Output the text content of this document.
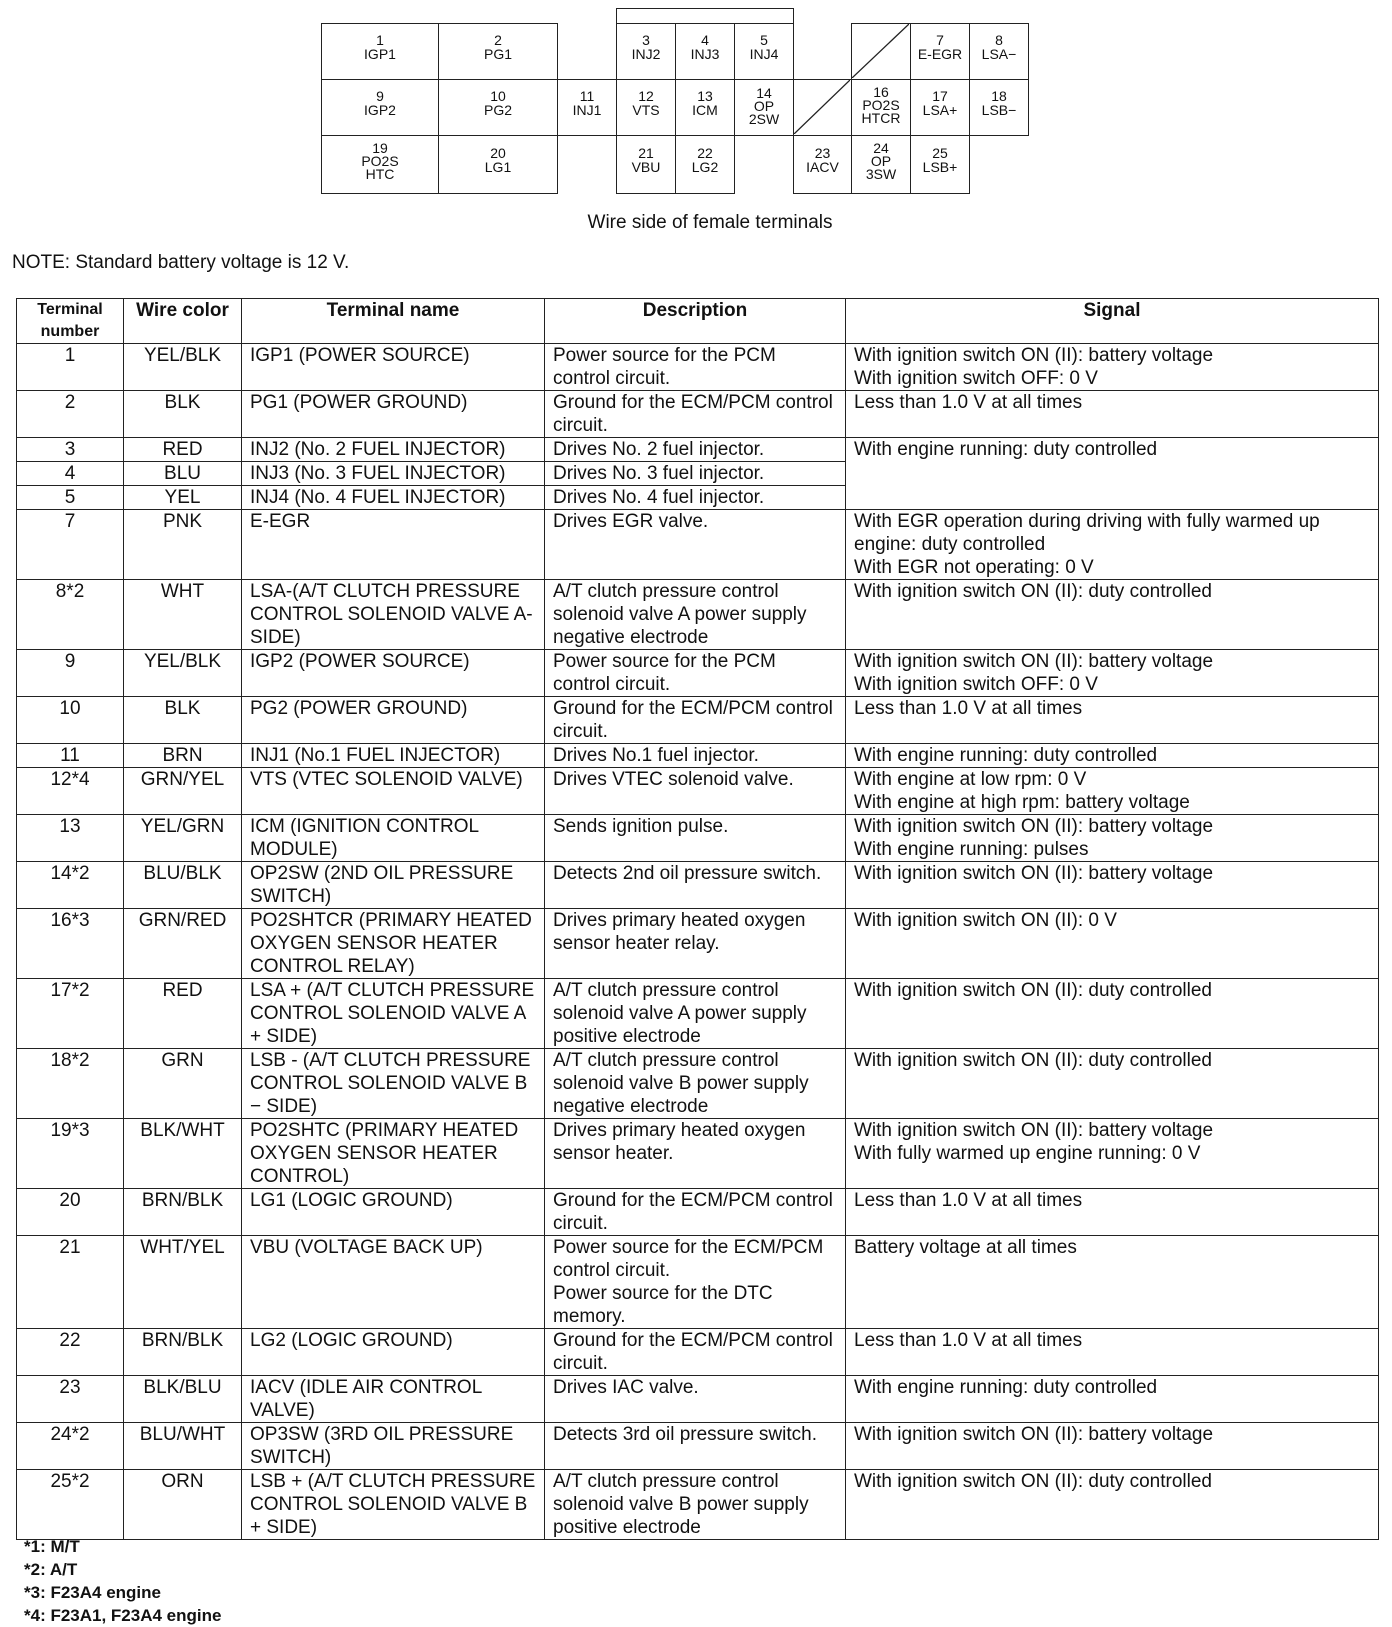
1
IGP1
2
PG1
3
INJ2
4
INJ3
5
INJ4
7
E-EGR
8
LSA−
9
IGP2
10
PG2
11
INJ1
12
VTS
13
ICM
14
OP
2SW
16
PO2S
HTCR
17
LSA+
18
LSB−
19
PO2S
HTC
20
LG1
21
VBU
22
LG2
23
IACV
24
OP
3SW
25
LSB+
Wire side of female terminals
NOTE: Standard battery voltage is 12 V.
Terminal number	Wire color	Terminal name	Description	Signal
1	YEL/BLK	IGP1 (POWER SOURCE)	Power source for the PCM control circuit.	With ignition switch ON (II): battery voltage
With ignition switch OFF: 0 V
2	BLK	PG1 (POWER GROUND)	Ground for the ECM/PCM control circuit.	Less than 1.0 V at all times
3	RED	INJ2 (No. 2 FUEL INJECTOR)	Drives No. 2 fuel injector.	With engine running: duty controlled
4	BLU	INJ3 (No. 3 FUEL INJECTOR)	Drives No. 3 fuel injector.	
5	YEL	INJ4 (No. 4 FUEL INJECTOR)	Drives No. 4 fuel injector.	
7	PNK	E-EGR	Drives EGR valve.	With EGR operation during driving with fully warmed up engine: duty controlled
With EGR not operating: 0 V
8*2	WHT	LSA-(A/T CLUTCH PRESSURE CONTROL SOLENOID VALVE A-SIDE)	A/T clutch pressure control solenoid valve A power supply negative electrode	With ignition switch ON (II): duty controlled
9	YEL/BLK	IGP2 (POWER SOURCE)	Power source for the PCM control circuit.	With ignition switch ON (II): battery voltage
With ignition switch OFF: 0 V
10	BLK	PG2 (POWER GROUND)	Ground for the ECM/PCM control circuit.	Less than 1.0 V at all times
11	BRN	INJ1 (No.1 FUEL INJECTOR)	Drives No.1 fuel injector.	With engine running: duty controlled
12*4	GRN/YEL	VTS (VTEC SOLENOID VALVE)	Drives VTEC solenoid valve.	With engine at low rpm: 0 V
With engine at high rpm: battery voltage
13	YEL/GRN	ICM (IGNITION CONTROL MODULE)	Sends ignition pulse.	With ignition switch ON (II): battery voltage
With engine running: pulses
14*2	BLU/BLK	OP2SW (2ND OIL PRESSURE SWITCH)	Detects 2nd oil pressure switch.	With ignition switch ON (II): battery voltage
16*3	GRN/RED	PO2SHTCR (PRIMARY HEATED OXYGEN SENSOR HEATER CONTROL RELAY)	Drives primary heated oxygen sensor heater relay.	With ignition switch ON (II): 0 V
17*2	RED	LSA + (A/T CLUTCH PRESSURE CONTROL SOLENOID VALVE A + SIDE)	A/T clutch pressure control solenoid valve A power supply positive electrode	With ignition switch ON (II): duty controlled
18*2	GRN	LSB - (A/T CLUTCH PRESSURE CONTROL SOLENOID VALVE B − SIDE)	A/T clutch pressure control solenoid valve B power supply negative electrode	With ignition switch ON (II): duty controlled
19*3	BLK/WHT	PO2SHTC (PRIMARY HEATED OXYGEN SENSOR HEATER CONTROL)	Drives primary heated oxygen sensor heater.	With ignition switch ON (II): battery voltage
With fully warmed up engine running: 0 V
20	BRN/BLK	LG1 (LOGIC GROUND)	Ground for the ECM/PCM control circuit.	Less than 1.0 V at all times
21	WHT/YEL	VBU (VOLTAGE BACK UP)	Power source for the ECM/PCM control circuit.
Power source for the DTC memory.	Battery voltage at all times
22	BRN/BLK	LG2 (LOGIC GROUND)	Ground for the ECM/PCM control circuit.	Less than 1.0 V at all times
23	BLK/BLU	IACV (IDLE AIR CONTROL VALVE)	Drives IAC valve.	With engine running: duty controlled
24*2	BLU/WHT	OP3SW (3RD OIL PRESSURE SWITCH)	Detects 3rd oil pressure switch.	With ignition switch ON (II): battery voltage
25*2	ORN	LSB + (A/T CLUTCH PRESSURE CONTROL SOLENOID VALVE B + SIDE)	A/T clutch pressure control solenoid valve B power supply positive electrode	With ignition switch ON (II): duty controlled
*1: M/T
*2: A/T
*3: F23A4 engine
*4: F23A1, F23A4 engine
